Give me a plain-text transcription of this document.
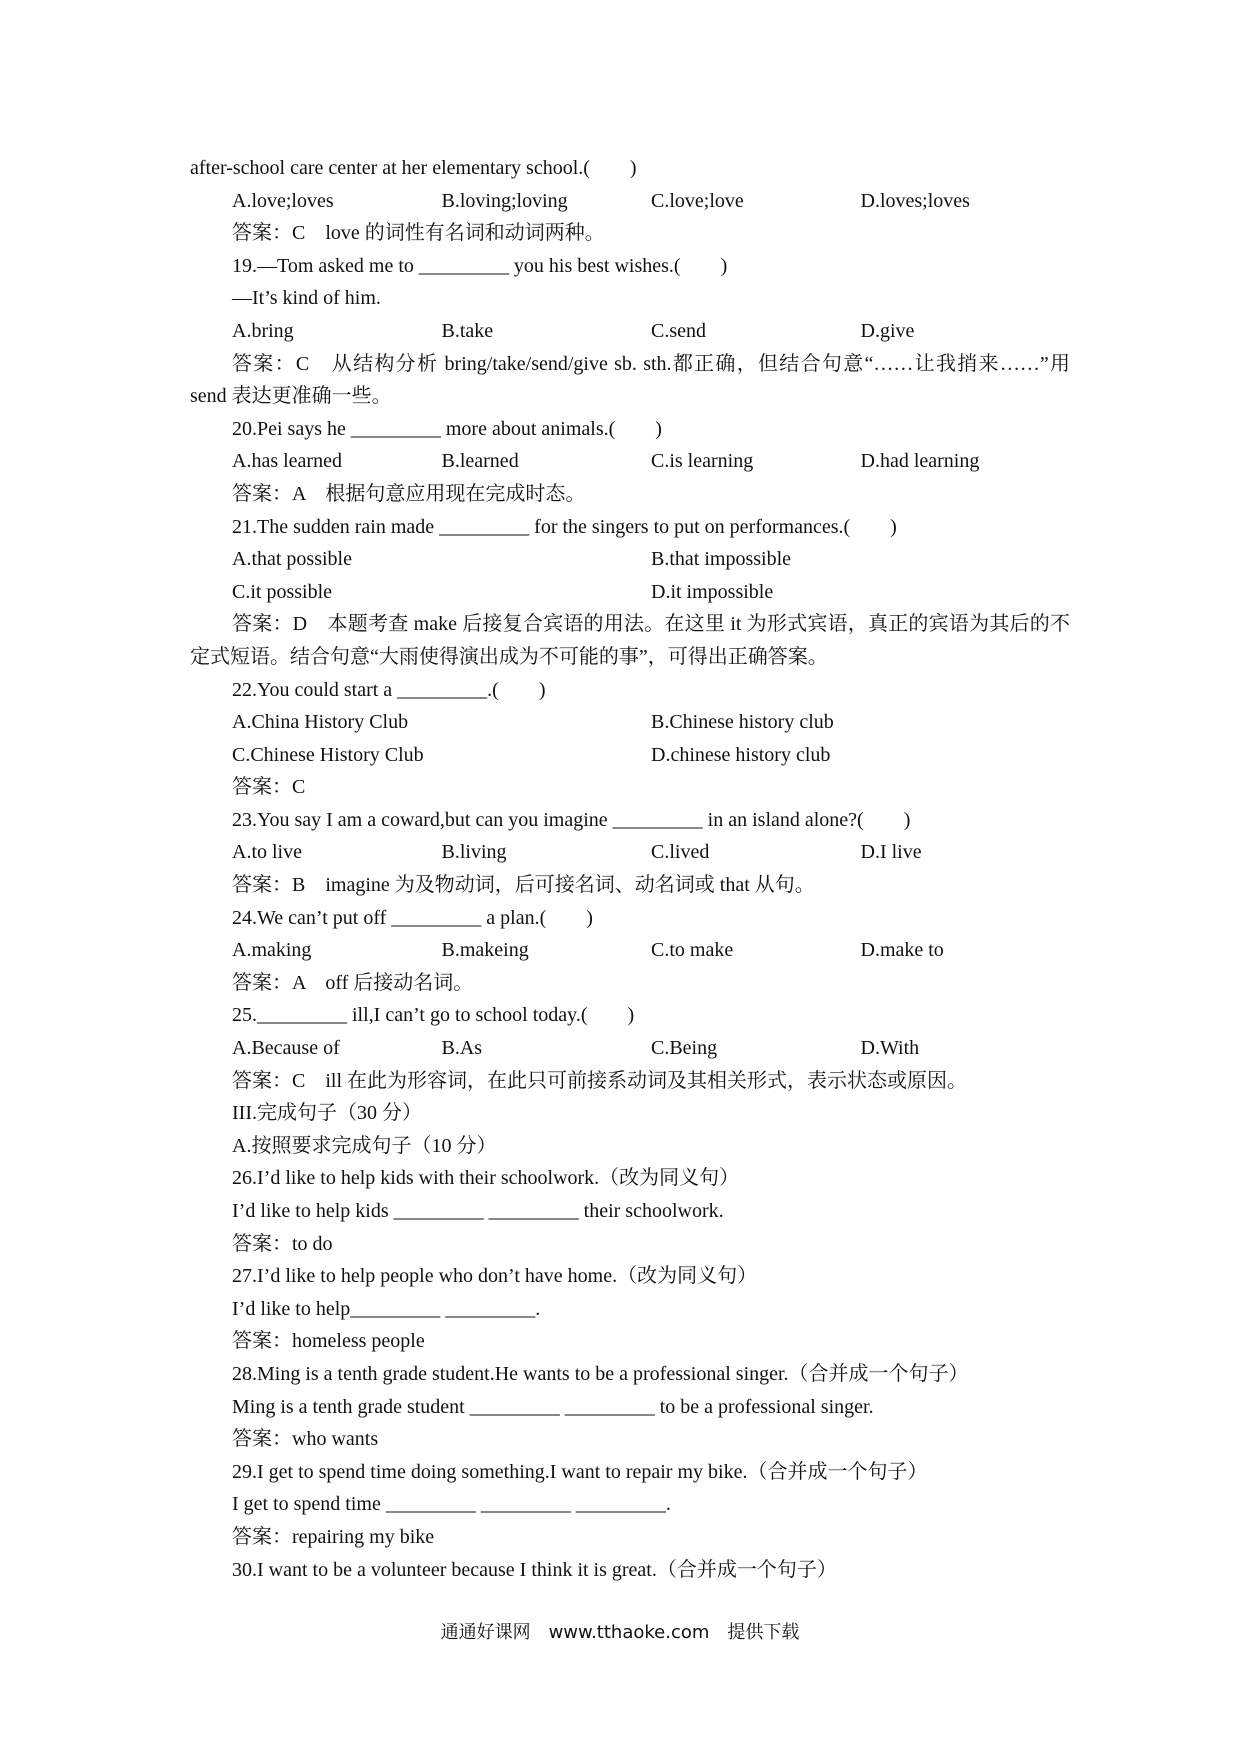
after-school care center at her elementary school.(　　)
A.love;loves	B.loving;loving	C.love;love	D.loves;loves
答案：C　love 的词性有名词和动词两种。
19.—Tom asked me to _________ you his best wishes.(　　)
—It’s kind of him.
A.bring	B.take	C.send	D.give
答案：C　从结构分析 bring/take/send/give sb. sth.都正确，但结合句意“……让我捎来……”用 send 表达更准确一些。
20.Pei says he _________ more about animals.(　　)
A.has learned	B.learned	C.is learning	D.had learning
答案：A　根据句意应用现在完成时态。
21.The sudden rain made _________ for the singers to put on performances.(　　)
A.that possible	B.that impossible
C.it possible	D.it impossible
答案：D　本题考查 make 后接复合宾语的用法。在这里 it 为形式宾语，真正的宾语为其后的不定式短语。结合句意“大雨使得演出成为不可能的事”，可得出正确答案。
22.You could start a _________.(　　)
A.China History Club	B.Chinese history club
C.Chinese History Club	D.chinese history club
答案：C
23.You say I am a coward,but can you imagine _________ in an island alone?(　　)
A.to live	B.living	C.lived	D.I live
答案：B　imagine 为及物动词，后可接名词、动名词或 that 从句。
24.We can’t put off _________ a plan.(　　)
A.making	B.makeing	C.to make	D.make to
答案：A　off 后接动名词。
25._________ ill,I can’t go to school today.(　　)
A.Because of	B.As	C.Being	D.With
答案：C　ill 在此为形容词，在此只可前接系动词及其相关形式，表示状态或原因。
III.完成句子（30 分）
A.按照要求完成句子（10 分）
26.I’d like to help kids with their schoolwork.（改为同义句）
I’d like to help kids _________ _________ their schoolwork.
答案：to do
27.I’d like to help people who don’t have home.（改为同义句）
I’d like to help_________ _________.
答案：homeless people
28.Ming is a tenth grade student.He wants to be a professional singer.（合并成一个句子）
Ming is a tenth grade student _________ _________ to be a professional singer.
答案：who wants
29.I get to spend time doing something.I want to repair my bike.（合并成一个句子）
I get to spend time _________ _________ _________.
答案：repairing my bike
30.I want to be a volunteer because I think it is great.（合并成一个句子）
通通好课网　www.tthaoke.com　提供下载
